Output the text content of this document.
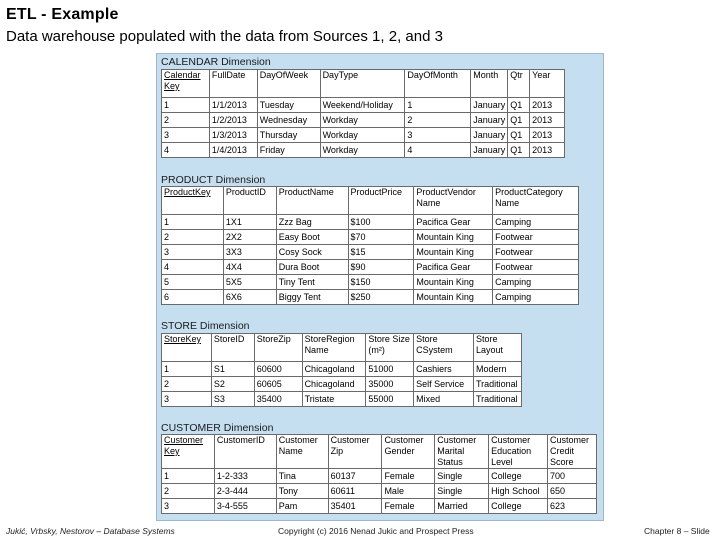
ETL - Example
Data warehouse populated with the data from Sources 1, 2, and 3
CALENDAR Dimension
Calendar Key	FullDate	DayOfWeek	DayType	DayOfMonth	Month	Qtr	Year
1	1/1/2013	Tuesday	Weekend/Holiday	1	January	Q1	2013
2	1/2/2013	Wednesday	Workday	2	January	Q1	2013
3	1/3/2013	Thursday	Workday	3	January	Q1	2013
4	1/4/2013	Friday	Workday	4	January	Q1	2013
PRODUCT Dimension
ProductKey	ProductID	ProductName	ProductPrice	ProductVendor Name	ProductCategory Name
1	1X1	Zzz Bag	$100	Pacifica Gear	Camping
2	2X2	Easy Boot	$70	Mountain King	Footwear
3	3X3	Cosy Sock	$15	Mountain King	Footwear
4	4X4	Dura Boot	$90	Pacifica Gear	Footwear
5	5X5	Tiny Tent	$150	Mountain King	Camping
6	6X6	Biggy Tent	$250	Mountain King	Camping
STORE Dimension
StoreKey	StoreID	StoreZip	StoreRegion Name	Store Size (m²)	Store CSystem	Store Layout
1	S1	60600	Chicagoland	51000	Cashiers	Modern
2	S2	60605	Chicagoland	35000	Self Service	Traditional
3	S3	35400	Tristate	55000	Mixed	Traditional
CUSTOMER Dimension
Customer Key	CustomerID	Customer Name	Customer Zip	Customer Gender	Customer Marital Status	Customer Education Level	Customer Credit Score
1	1-2-333	Tina	60137	Female	Single	College	700
2	2-3-444	Tony	60611	Male	Single	High School	650
3	3-4-555	Pam	35401	Female	Married	College	623
Jukić, Vrbsky, Nestorov – Database Systems	Copyright (c) 2016 Nenad Jukic and Prospect Press	Chapter 8 – Slide
